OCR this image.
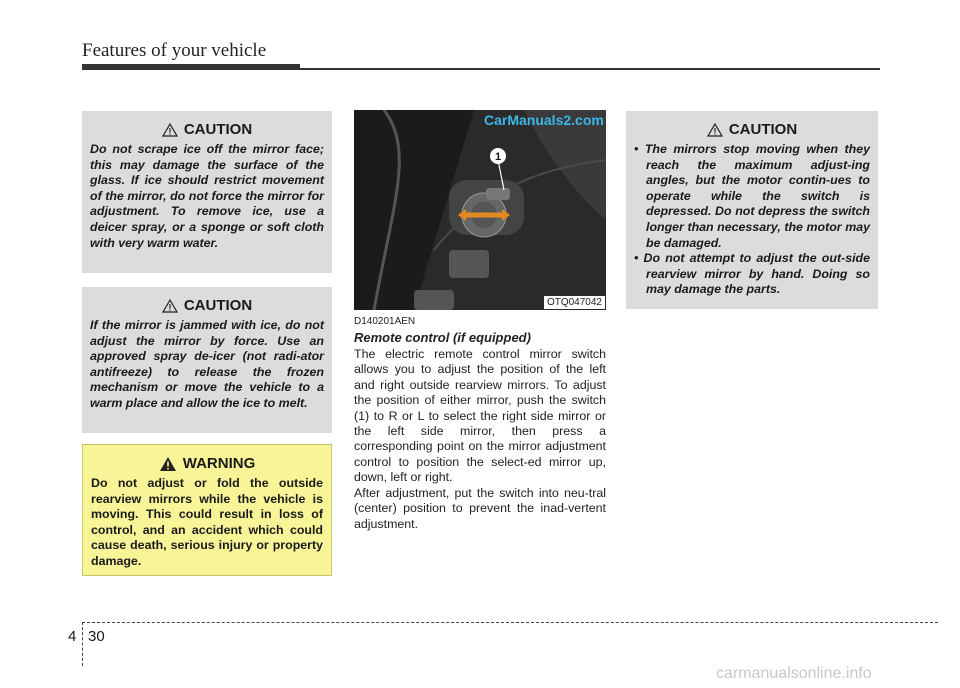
Features of your vehicle
CAUTION
Do not scrape ice off the mirror face; this may damage the surface of the glass. If ice should restrict movement of the mirror, do not force the mirror for adjustment. To remove ice, use a deicer spray, or a sponge or soft cloth with very warm water.
CAUTION
If the mirror is jammed with ice, do not adjust the mirror by force. Use an approved spray de-icer (not radi-ator antifreeze) to release the frozen mechanism or move the vehicle to a warm place and allow the ice to melt.
WARNING
Do not adjust or fold the outside rearview mirrors while the vehicle is moving. This could result in loss of control, and an accident which could cause death, serious injury or property damage.
1
CarManuals2.com
OTQ047042
D140201AEN
Remote control (if equipped)
The electric remote control mirror switch allows you to adjust the position of the left and right outside rearview mirrors. To adjust the position of either mirror, push the switch (1) to R or L to select the right side mirror or the left side mirror, then press a corresponding point on the mirror adjustment control to position the select-ed mirror up, down, left or right.
After adjustment, put the switch into neu-tral (center) position to prevent the inad-vertent adjustment.
CAUTION
• The mirrors stop moving when they reach the maximum adjust-ing angles, but the motor contin-ues to operate while the switch is depressed. Do not depress the switch longer than necessary, the motor may be damaged.
• Do not attempt to adjust the out-side rearview mirror by hand. Doing so may damage the parts.
4 30
carmanualsonline.info
